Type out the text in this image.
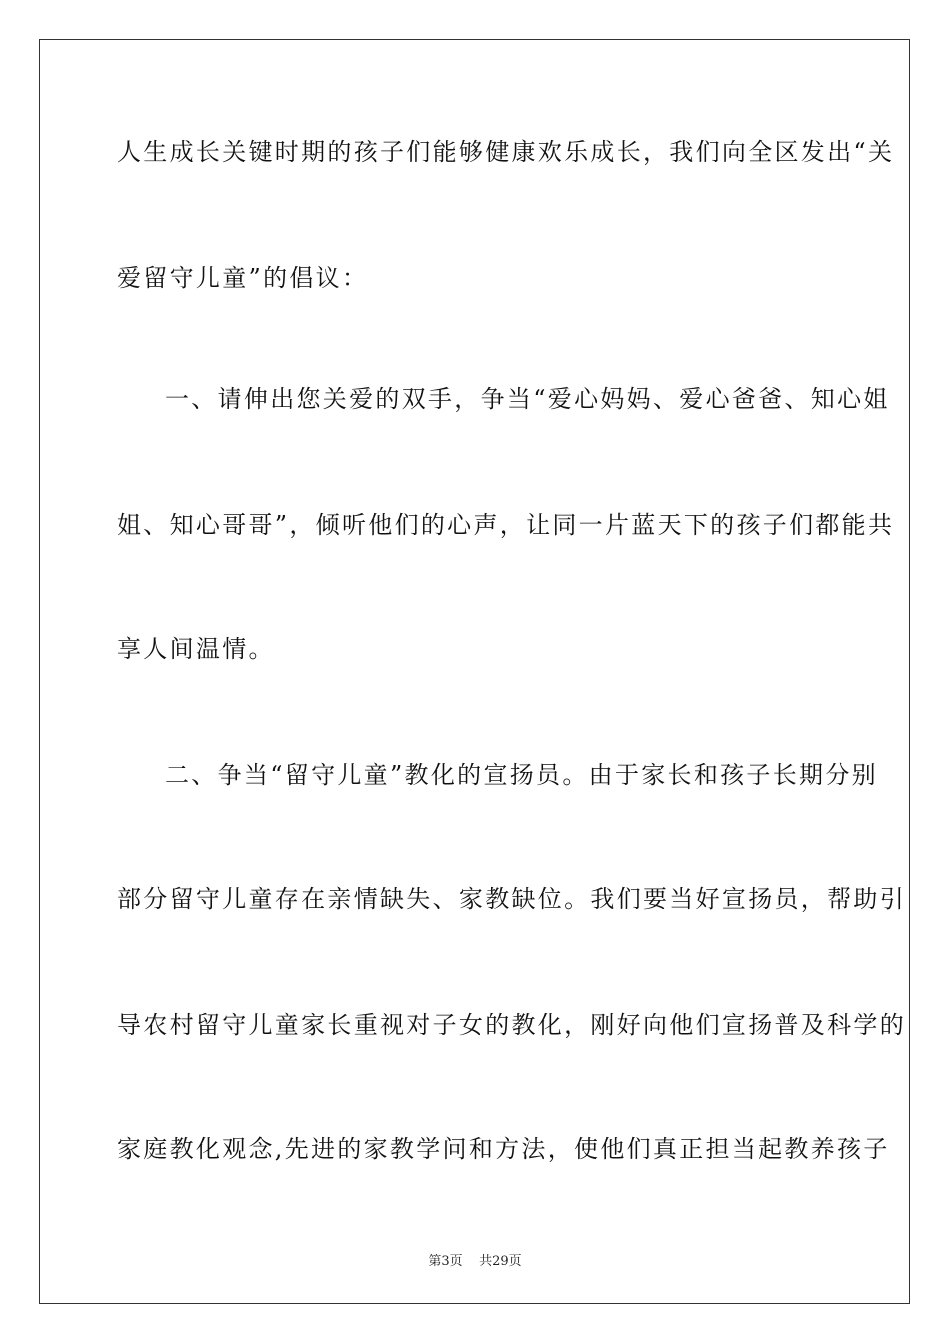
人生成长关键时期的孩子们能够健康欢乐成长，我们向全区发出“关
爱留守儿童”的倡议：
一、请伸出您关爱的双手，争当“爱心妈妈、爱心爸爸、知心姐
姐、知心哥哥”，倾听他们的心声，让同一片蓝天下的孩子们都能共
享人间温情。
二、争当“留守儿童”教化的宣扬员。由于家长和孩子长期分别
部分留守儿童存在亲情缺失、家教缺位。我们要当好宣扬员，帮助引
导农村留守儿童家长重视对子女的教化，刚好向他们宣扬普及科学的
家庭教化观念,先进的家教学问和方法，使他们真正担当起教养孩子
第3页 共29页
